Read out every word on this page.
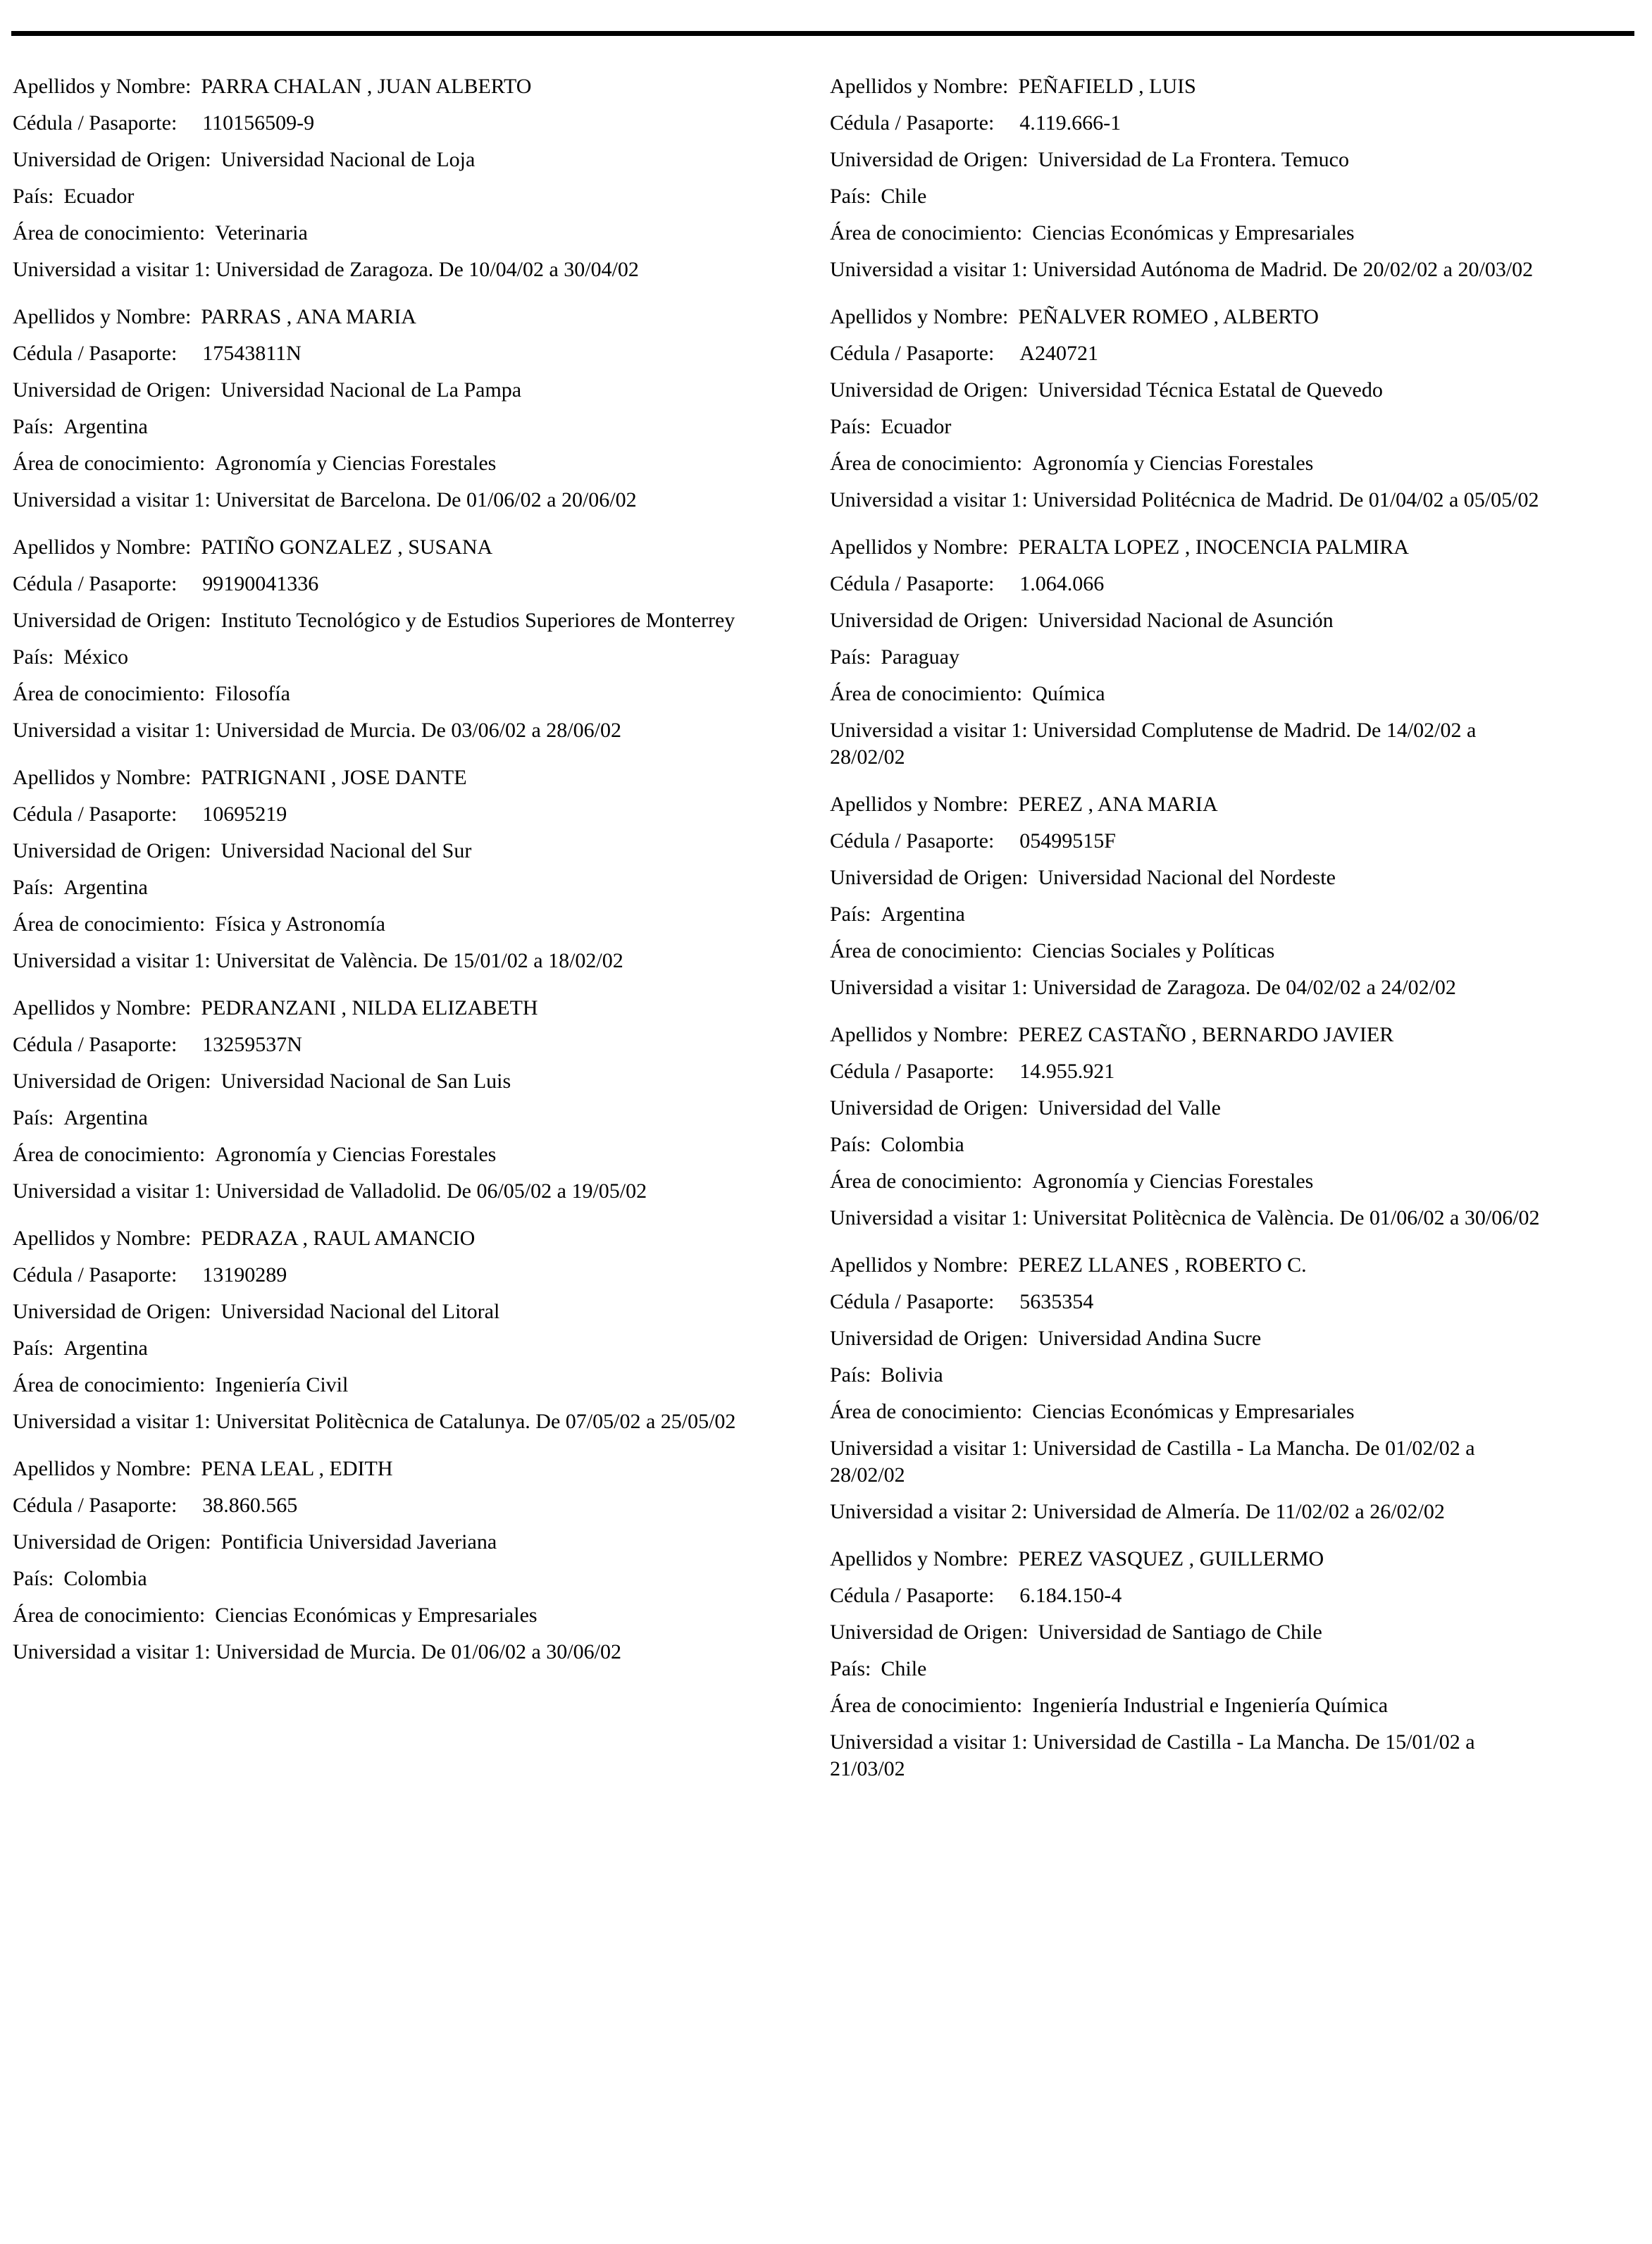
Apellidos y Nombre: PARRA CHALAN , JUAN ALBERTO
Cédula / Pasaporte: 110156509-9
Universidad de Origen: Universidad Nacional de Loja
País: Ecuador
Área de conocimiento: Veterinaria
Universidad a visitar 1: Universidad de Zaragoza. De 10/04/02 a 30/04/02
Apellidos y Nombre: PARRAS , ANA MARIA
Cédula / Pasaporte: 17543811N
Universidad de Origen: Universidad Nacional de La Pampa
País: Argentina
Área de conocimiento: Agronomía y Ciencias Forestales
Universidad a visitar 1: Universitat de Barcelona. De 01/06/02 a 20/06/02
Apellidos y Nombre: PATIÑO GONZALEZ , SUSANA
Cédula / Pasaporte: 99190041336
Universidad de Origen: Instituto Tecnológico y de Estudios Superiores de Monterrey
País: México
Área de conocimiento: Filosofía
Universidad a visitar 1: Universidad de Murcia. De 03/06/02 a 28/06/02
Apellidos y Nombre: PATRIGNANI , JOSE DANTE
Cédula / Pasaporte: 10695219
Universidad de Origen: Universidad Nacional del Sur
País: Argentina
Área de conocimiento: Física y Astronomía
Universidad a visitar 1: Universitat de València. De 15/01/02 a 18/02/02
Apellidos y Nombre: PEDRANZANI , NILDA ELIZABETH
Cédula / Pasaporte: 13259537N
Universidad de Origen: Universidad Nacional de San Luis
País: Argentina
Área de conocimiento: Agronomía y Ciencias Forestales
Universidad a visitar 1: Universidad de Valladolid. De 06/05/02 a 19/05/02
Apellidos y Nombre: PEDRAZA , RAUL AMANCIO
Cédula / Pasaporte: 13190289
Universidad de Origen: Universidad Nacional del Litoral
País: Argentina
Área de conocimiento: Ingeniería Civil
Universidad a visitar 1: Universitat Politècnica de Catalunya. De 07/05/02 a 25/05/02
Apellidos y Nombre: PENA LEAL , EDITH
Cédula / Pasaporte: 38.860.565
Universidad de Origen: Pontificia Universidad Javeriana
País: Colombia
Área de conocimiento: Ciencias Económicas y Empresariales
Universidad a visitar 1: Universidad de Murcia. De 01/06/02 a 30/06/02
Apellidos y Nombre: PEÑAFIELD , LUIS
Cédula / Pasaporte: 4.119.666-1
Universidad de Origen: Universidad de La Frontera. Temuco
País: Chile
Área de conocimiento: Ciencias Económicas y Empresariales
Universidad a visitar 1: Universidad Autónoma de Madrid. De 20/02/02 a 20/03/02
Apellidos y Nombre: PEÑALVER ROMEO , ALBERTO
Cédula / Pasaporte: A240721
Universidad de Origen: Universidad Técnica Estatal de Quevedo
País: Ecuador
Área de conocimiento: Agronomía y Ciencias Forestales
Universidad a visitar 1: Universidad Politécnica de Madrid. De 01/04/02 a 05/05/02
Apellidos y Nombre: PERALTA LOPEZ , INOCENCIA PALMIRA
Cédula / Pasaporte: 1.064.066
Universidad de Origen: Universidad Nacional de Asunción
País: Paraguay
Área de conocimiento: Química
Universidad a visitar 1: Universidad Complutense de Madrid. De 14/02/02 a 28/02/02
Apellidos y Nombre: PEREZ , ANA MARIA
Cédula / Pasaporte: 05499515F
Universidad de Origen: Universidad Nacional del Nordeste
País: Argentina
Área de conocimiento: Ciencias Sociales y Políticas
Universidad a visitar 1: Universidad de Zaragoza. De 04/02/02 a 24/02/02
Apellidos y Nombre: PEREZ CASTAÑO , BERNARDO JAVIER
Cédula / Pasaporte: 14.955.921
Universidad de Origen: Universidad del Valle
País: Colombia
Área de conocimiento: Agronomía y Ciencias Forestales
Universidad a visitar 1: Universitat Politècnica de València. De 01/06/02 a 30/06/02
Apellidos y Nombre: PEREZ LLANES , ROBERTO C.
Cédula / Pasaporte: 5635354
Universidad de Origen: Universidad Andina Sucre
País: Bolivia
Área de conocimiento: Ciencias Económicas y Empresariales
Universidad a visitar 1: Universidad de Castilla - La Mancha. De 01/02/02 a 28/02/02
Universidad a visitar 2: Universidad de Almería. De 11/02/02 a 26/02/02
Apellidos y Nombre: PEREZ VASQUEZ , GUILLERMO
Cédula / Pasaporte: 6.184.150-4
Universidad de Origen: Universidad de Santiago de Chile
País: Chile
Área de conocimiento: Ingeniería Industrial e Ingeniería Química
Universidad a visitar 1: Universidad de Castilla - La Mancha. De 15/01/02 a 21/03/02
